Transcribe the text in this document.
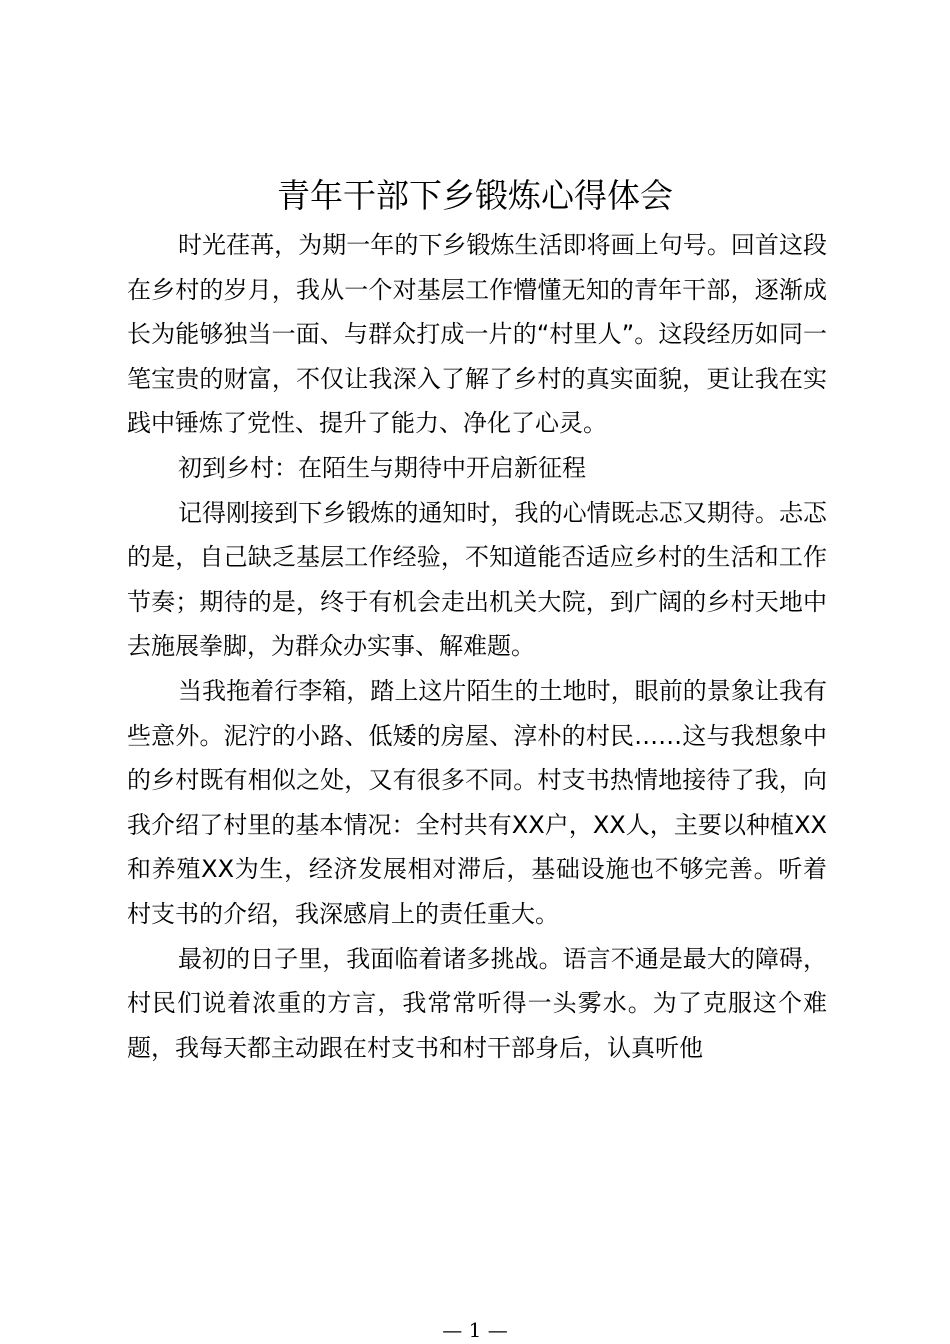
青年干部下乡锻炼心得体会

时光荏苒，为期一年的下乡锻炼生活即将画上句号。回首这段在乡村的岁月，我从一个对基层工作懵懂无知的青年干部，逐渐成长为能够独当一面、与群众打成一片的“村里人”。这段经历如同一笔宝贵的财富，不仅让我深入了解了乡村的真实面貌，更让我在实践中锤炼了党性、提升了能力、净化了心灵。

初到乡村：在陌生与期待中开启新征程

记得刚接到下乡锻炼的通知时，我的心情既忐忑又期待。忐忑的是，自己缺乏基层工作经验，不知道能否适应乡村的生活和工作节奏；期待的是，终于有机会走出机关大院，到广阔的乡村天地中去施展拳脚，为群众办实事、解难题。

当我拖着行李箱，踏上这片陌生的土地时，眼前的景象让我有些意外。泥泞的小路、低矮的房屋、淳朴的村民……这与我想象中的乡村既有相似之处，又有很多不同。村支书热情地接待了我，向我介绍了村里的基本情况：全村共有XX户，XX人，主要以种植XX和养殖XX为生，经济发展相对滞后，基础设施也不够完善。听着村支书的介绍，我深感肩上的责任重大。

最初的日子里，我面临着诸多挑战。语言不通是最大的障碍，村民们说着浓重的方言，我常常听得一头雾水。为了克服这个难题，我每天都主动跟在村支书和村干部身后，认真听他

— 1 —
